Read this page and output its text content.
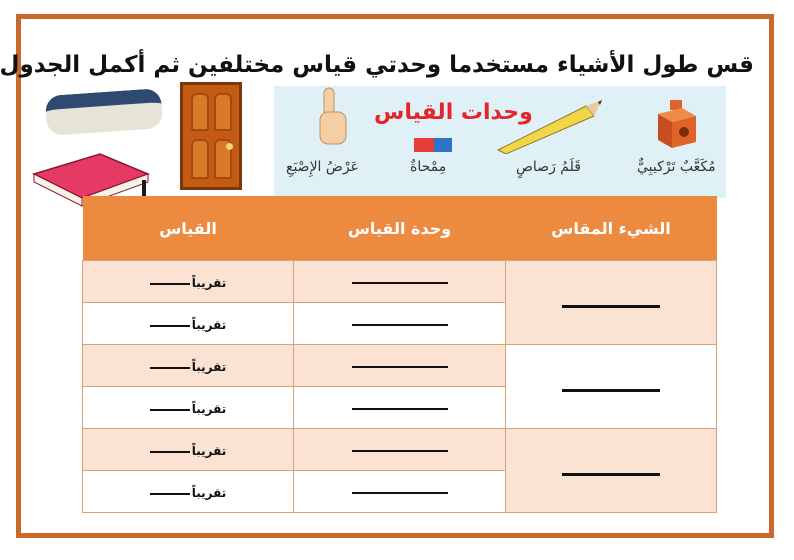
قس طول الأشياء مستخدما وحدتي قياس مختلفين ثم أكمل الجدول
وحدات القياس
مُكَعَّبٌ تَرْكيبِيٌّ
قَلَمُ رَصاصٍ
مِمْحاةٌ
عَرْضُ الإِصْبَعِ
الشيء المقاس	وحدة القياس	القياس
		تقريباً
		تقريباً
		تقريباً
		تقريباً
		تقريباً
		تقريباً
